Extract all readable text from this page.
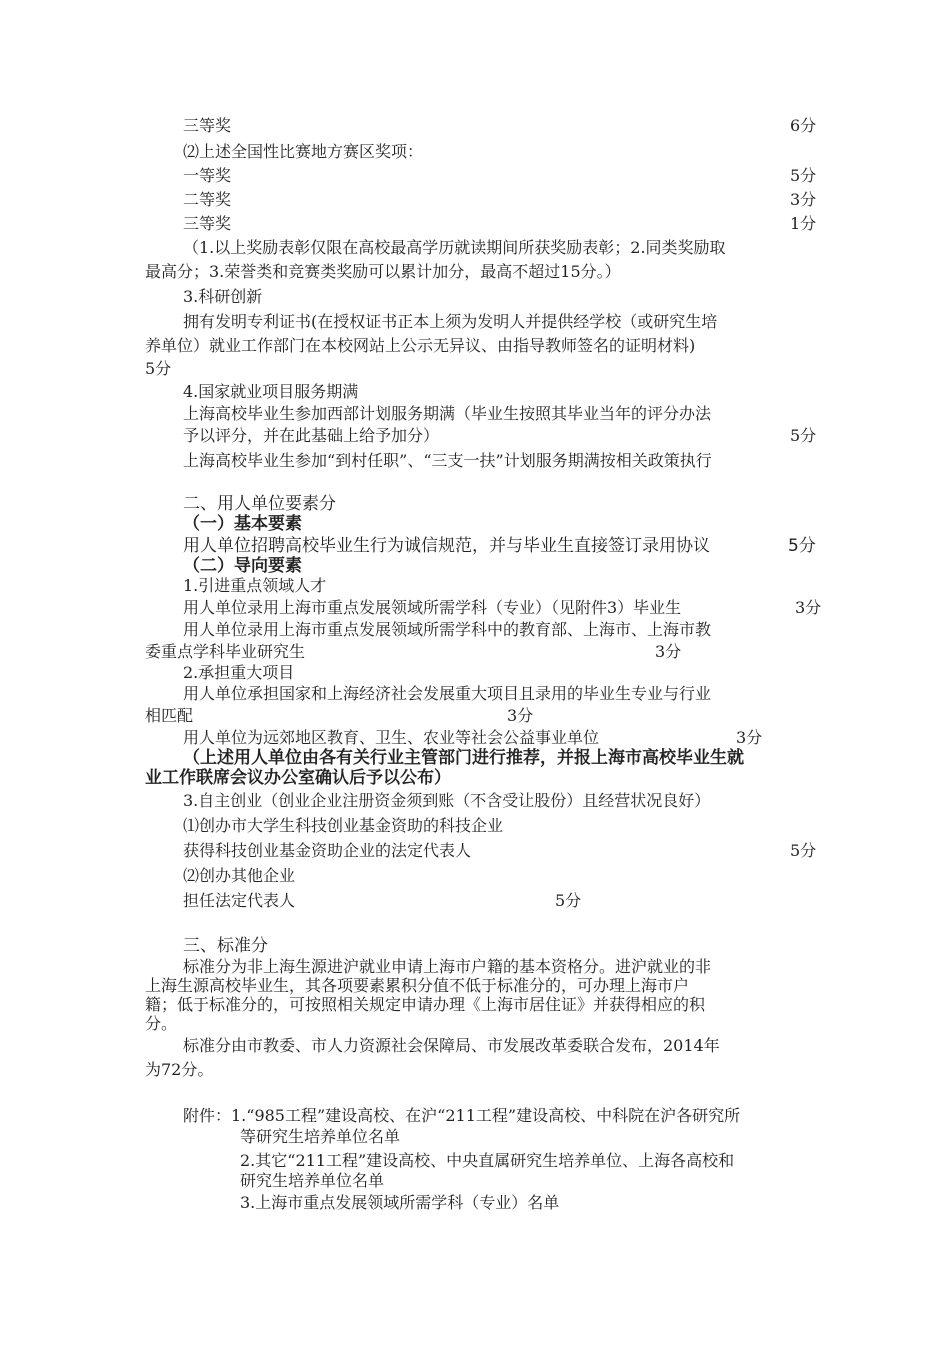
三等奖	6分
⑵上述全国性比赛地方赛区奖项：
一等奖	5分
二等奖	3分
三等奖	1分
（1.以上奖励表彰仅限在高校最高学历就读期间所获奖励表彰；2.同类奖励取
最高分；3.荣誉类和竞赛类奖励可以累计加分，最高不超过15分。）
3.科研创新
拥有发明专利证书(在授权证书正本上须为发明人并提供经学校（或研究生培
养单位）就业工作部门在本校网站上公示无异议、由指导教师签名的证明材料)
5分
4.国家就业项目服务期满
上海高校毕业生参加西部计划服务期满（毕业生按照其毕业当年的评分办法
予以评分，并在此基础上给予加分）	5分
上海高校毕业生参加“到村任职”、“三支一扶”计划服务期满按相关政策执行
二、用人单位要素分
（一）基本要素
用人单位招聘高校毕业生行为诚信规范，并与毕业生直接签订录用协议	5分
（二）导向要素
1.引进重点领域人才
用人单位录用上海市重点发展领域所需学科（专业）（见附件3）毕业生	3分
用人单位录用上海市重点发展领域所需学科中的教育部、上海市、上海市教
委重点学科毕业研究生	3分
2.承担重大项目
用人单位承担国家和上海经济社会发展重大项目且录用的毕业生专业与行业
相匹配	3分
用人单位为远郊地区教育、卫生、农业等社会公益事业单位	3分
（上述用人单位由各有关行业主管部门进行推荐，并报上海市高校毕业生就
业工作联席会议办公室确认后予以公布）
3.自主创业（创业企业注册资金须到账（不含受让股份）且经营状况良好）
⑴创办市大学生科技创业基金资助的科技企业
获得科技创业基金资助企业的法定代表人	5分
⑵创办其他企业
担任法定代表人	5分
三、标准分
标准分为非上海生源进沪就业申请上海市户籍的基本资格分。进沪就业的非
上海生源高校毕业生，其各项要素累积分值不低于标准分的，可办理上海市户
籍；低于标准分的，可按照相关规定申请办理《上海市居住证》并获得相应的积
分。
标准分由市教委、市人力资源社会保障局、市发展改革委联合发布，2014年
为72分。
附件：1.“985工程”建设高校、在沪“211工程”建设高校、中科院在沪各研究所
等研究生培养单位名单
2.其它“211工程”建设高校、中央直属研究生培养单位、上海各高校和
研究生培养单位名单
3.上海市重点发展领域所需学科（专业）名单
